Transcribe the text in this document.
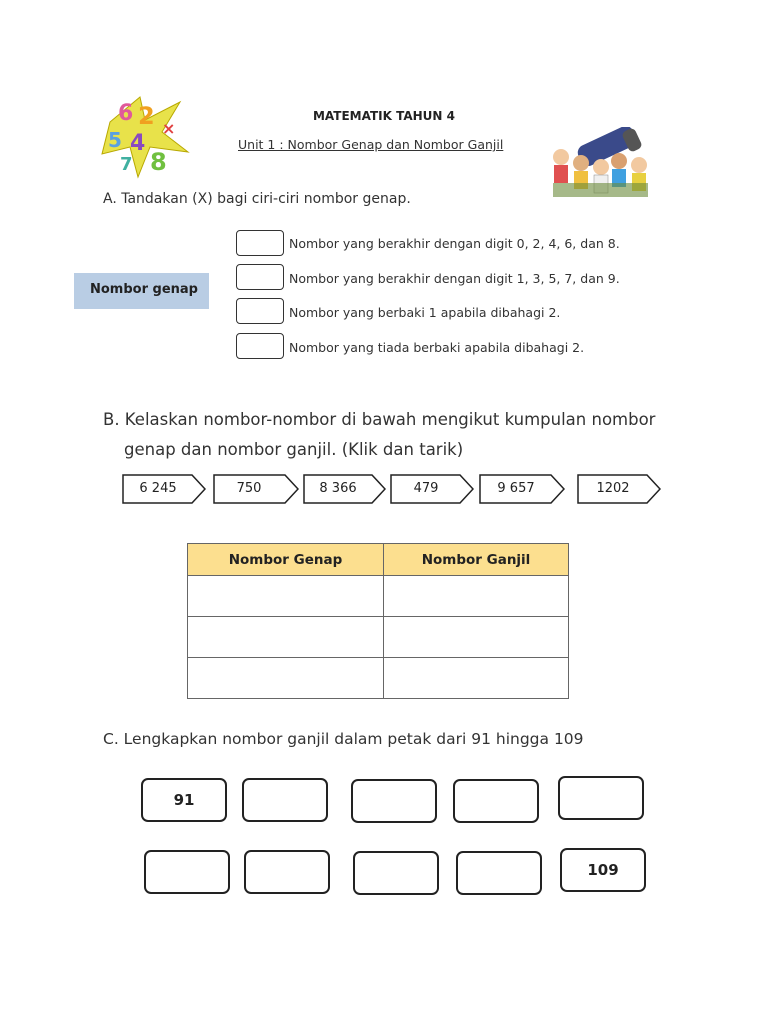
6 2
5 4
8
×
7
MATEMATIK TAHUN 4
Unit 1 : Nombor Genap dan Nombor Ganjil
A. Tandakan (X) bagi ciri-ciri nombor genap.
Nombor genap
Nombor yang berakhir dengan digit 0, 2, 4, 6, dan 8.
Nombor yang berakhir dengan digit 1, 3, 5, 7, dan 9.
Nombor yang berbaki 1 apabila dibahagi 2.
Nombor yang tiada berbaki apabila dibahagi 2.
B. Kelaskan nombor-nombor di bawah mengikut kumpulan nombor
genap dan nombor ganjil. (Klik dan tarik)
6 245	750	8 366	479	9 657	1202
Nombor Genap	Nombor Ganjil

C. Lengkapkan nombor ganjil dalam petak dari 91 hingga 109
91
109
